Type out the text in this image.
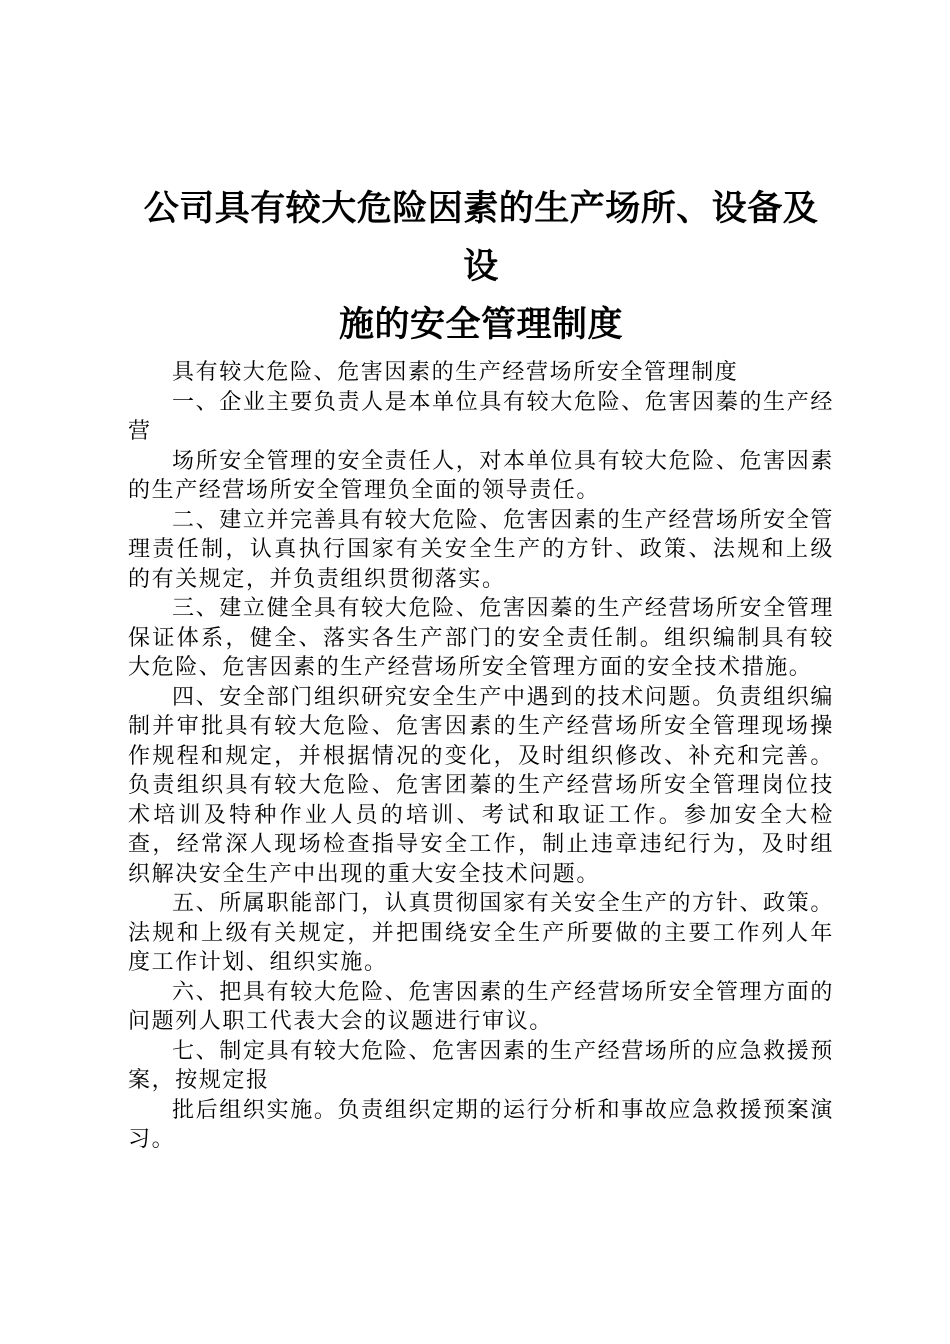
公司具有较大危险因素的生产场所、设备及设
施的安全管理制度

具有较大危险、危害因素的生产经营场所安全管理制度

一、企业主要负责人是本单位具有较大危险、危害因蓁的生产经营

场所安全管理的安全责任人，对本单位具有较大危险、危害因素的生产经营场所安全管理负全面的领导责任。

二、建立并完善具有较大危险、危害因素的生产经营场所安全管理责任制，认真执行国家有关安全生产的方针、政策、法规和上级的有关规定，并负责组织贯彻落实。

三、建立健全具有较大危险、危害因蓁的生产经营场所安全管理保证体系，健全、落实各生产部门的安全责任制。组织编制具有较大危险、危害因素的生产经营场所安全管理方面的安全技术措施。

四、安全部门组织研究安全生产中遇到的技术问题。负责组织编制并审批具有较大危险、危害因素的生产经营场所安全管理现场操作规程和规定，并根据情况的变化，及时组织修改、补充和完善。负责组织具有较大危险、危害团蓁的生产经营场所安全管理岗位技术培训及特种作业人员的培训、考试和取证工作。参加安全大检查，经常深人现场检查指导安全工作，制止违章违纪行为，及时组织解决安全生产中出现的重大安全技术问题。

五、所属职能部门，认真贯彻国家有关安全生产的方针、政策。法规和上级有关规定，并把围绕安全生产所要做的主要工作列人年度工作计划、组织实施。

六、把具有较大危险、危害因素的生产经营场所安全管理方面的问题列人职工代表大会的议题进行审议。

七、制定具有较大危险、危害因素的生产经营场所的应急救援预案，按规定报

批后组织实施。负责组织定期的运行分析和事故应急救援预案演习。
